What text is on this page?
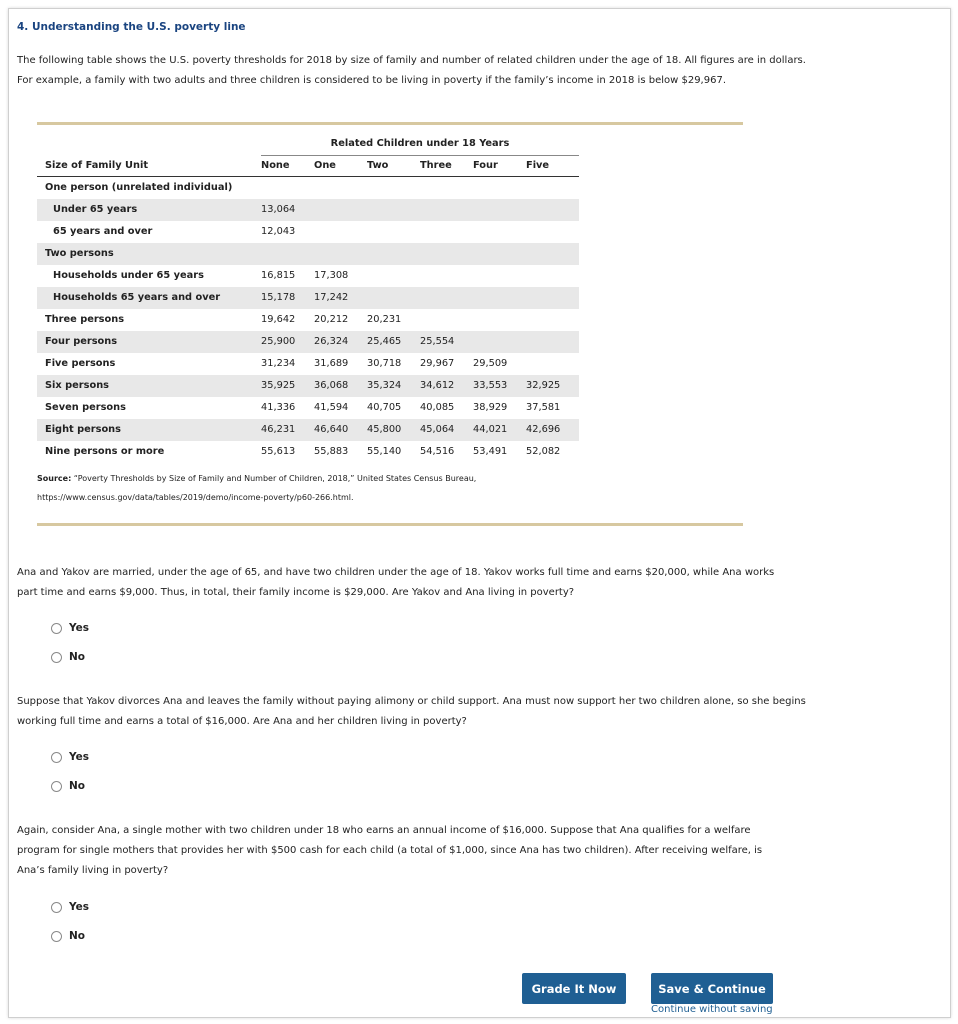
4. Understanding the U.S. poverty line
The following table shows the U.S. poverty thresholds for 2018 by size of family and number of related children under the age of 18. All figures are in dollars. For example, a family with two adults and three children is considered to be living in poverty if the family’s income in 2018 is below $29,967.
	Related Children under 18 Years					
Size of Family Unit	None	One	Two	Three	Four	Five
One person (unrelated individual)						
Under 65 years	13,064					
65 years and over	12,043					
Two persons						
Households under 65 years	16,815	17,308				
Households 65 years and over	15,178	17,242				
Three persons	19,642	20,212	20,231			
Four persons	25,900	26,324	25,465	25,554		
Five persons	31,234	31,689	30,718	29,967	29,509	
Six persons	35,925	36,068	35,324	34,612	33,553	32,925
Seven persons	41,336	41,594	40,705	40,085	38,929	37,581
Eight persons	46,231	46,640	45,800	45,064	44,021	42,696
Nine persons or more	55,613	55,883	55,140	54,516	53,491	52,082
Source: “Poverty Thresholds by Size of Family and Number of Children, 2018,” United States Census Bureau,
https://www.census.gov/data/tables/2019/demo/income-poverty/p60-266.html.
Ana and Yakov are married, under the age of 65, and have two children under the age of 18. Yakov works full time and earns $20,000, while Ana works part time and earns $9,000. Thus, in total, their family income is $29,000. Are Yakov and Ana living in poverty?
Yes
No
Suppose that Yakov divorces Ana and leaves the family without paying alimony or child support. Ana must now support her two children alone, so she begins working full time and earns a total of $16,000. Are Ana and her children living in poverty?
Yes
No
Again, consider Ana, a single mother with two children under 18 who earns an annual income of $16,000. Suppose that Ana qualifies for a welfare program for single mothers that provides her with $500 cash for each child (a total of $1,000, since Ana has two children). After receiving welfare, is Ana’s family living in poverty?
Yes
No
Grade It Now	Save & Continue
Continue without saving
